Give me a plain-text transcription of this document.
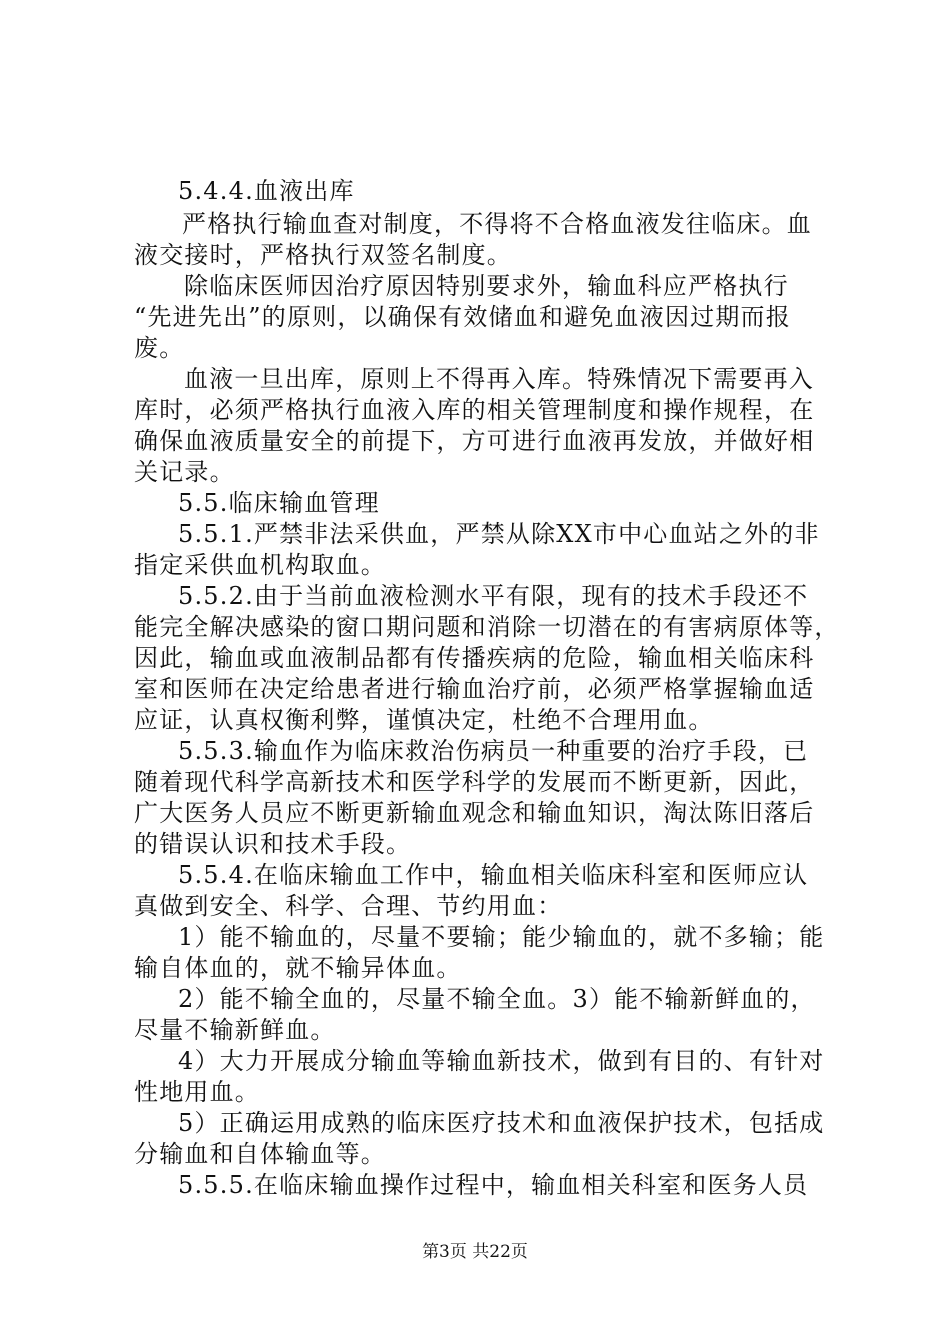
5.4.4.血液出库
严格执行输血查对制度，不得将不合格血液发往临床。血
液交接时，严格执行双签名制度。
除临床医师因治疗原因特别要求外，输血科应严格执行
“先进先出”的原则，以确保有效储血和避免血液因过期而报
废。
血液一旦出库，原则上不得再入库。特殊情况下需要再入
库时，必须严格执行血液入库的相关管理制度和操作规程，在
确保血液质量安全的前提下，方可进行血液再发放，并做好相
关记录。
5.5.临床输血管理
5.5.1.严禁非法采供血，严禁从除XX市中心血站之外的非
指定采供血机构取血。
5.5.2.由于当前血液检测水平有限，现有的技术手段还不
能完全解决感染的窗口期问题和消除一切潜在的有害病原体等，
因此，输血或血液制品都有传播疾病的危险，输血相关临床科
室和医师在决定给患者进行输血治疗前，必须严格掌握输血适
应证，认真权衡利弊，谨慎决定，杜绝不合理用血。
5.5.3.输血作为临床救治伤病员一种重要的治疗手段，已
随着现代科学高新技术和医学科学的发展而不断更新，因此，
广大医务人员应不断更新输血观念和输血知识，淘汰陈旧落后
的错误认识和技术手段。
5.5.4.在临床输血工作中，输血相关临床科室和医师应认
真做到安全、科学、合理、节约用血：
1）能不输血的，尽量不要输；能少输血的，就不多输；能
输自体血的，就不输异体血。
2）能不输全血的，尽量不输全血。3）能不输新鲜血的，
尽量不输新鲜血。
4）大力开展成分输血等输血新技术，做到有目的、有针对
性地用血。
5）正确运用成熟的临床医疗技术和血液保护技术，包括成
分输血和自体输血等。
5.5.5.在临床输血操作过程中，输血相关科室和医务人员
第3页 共22页
